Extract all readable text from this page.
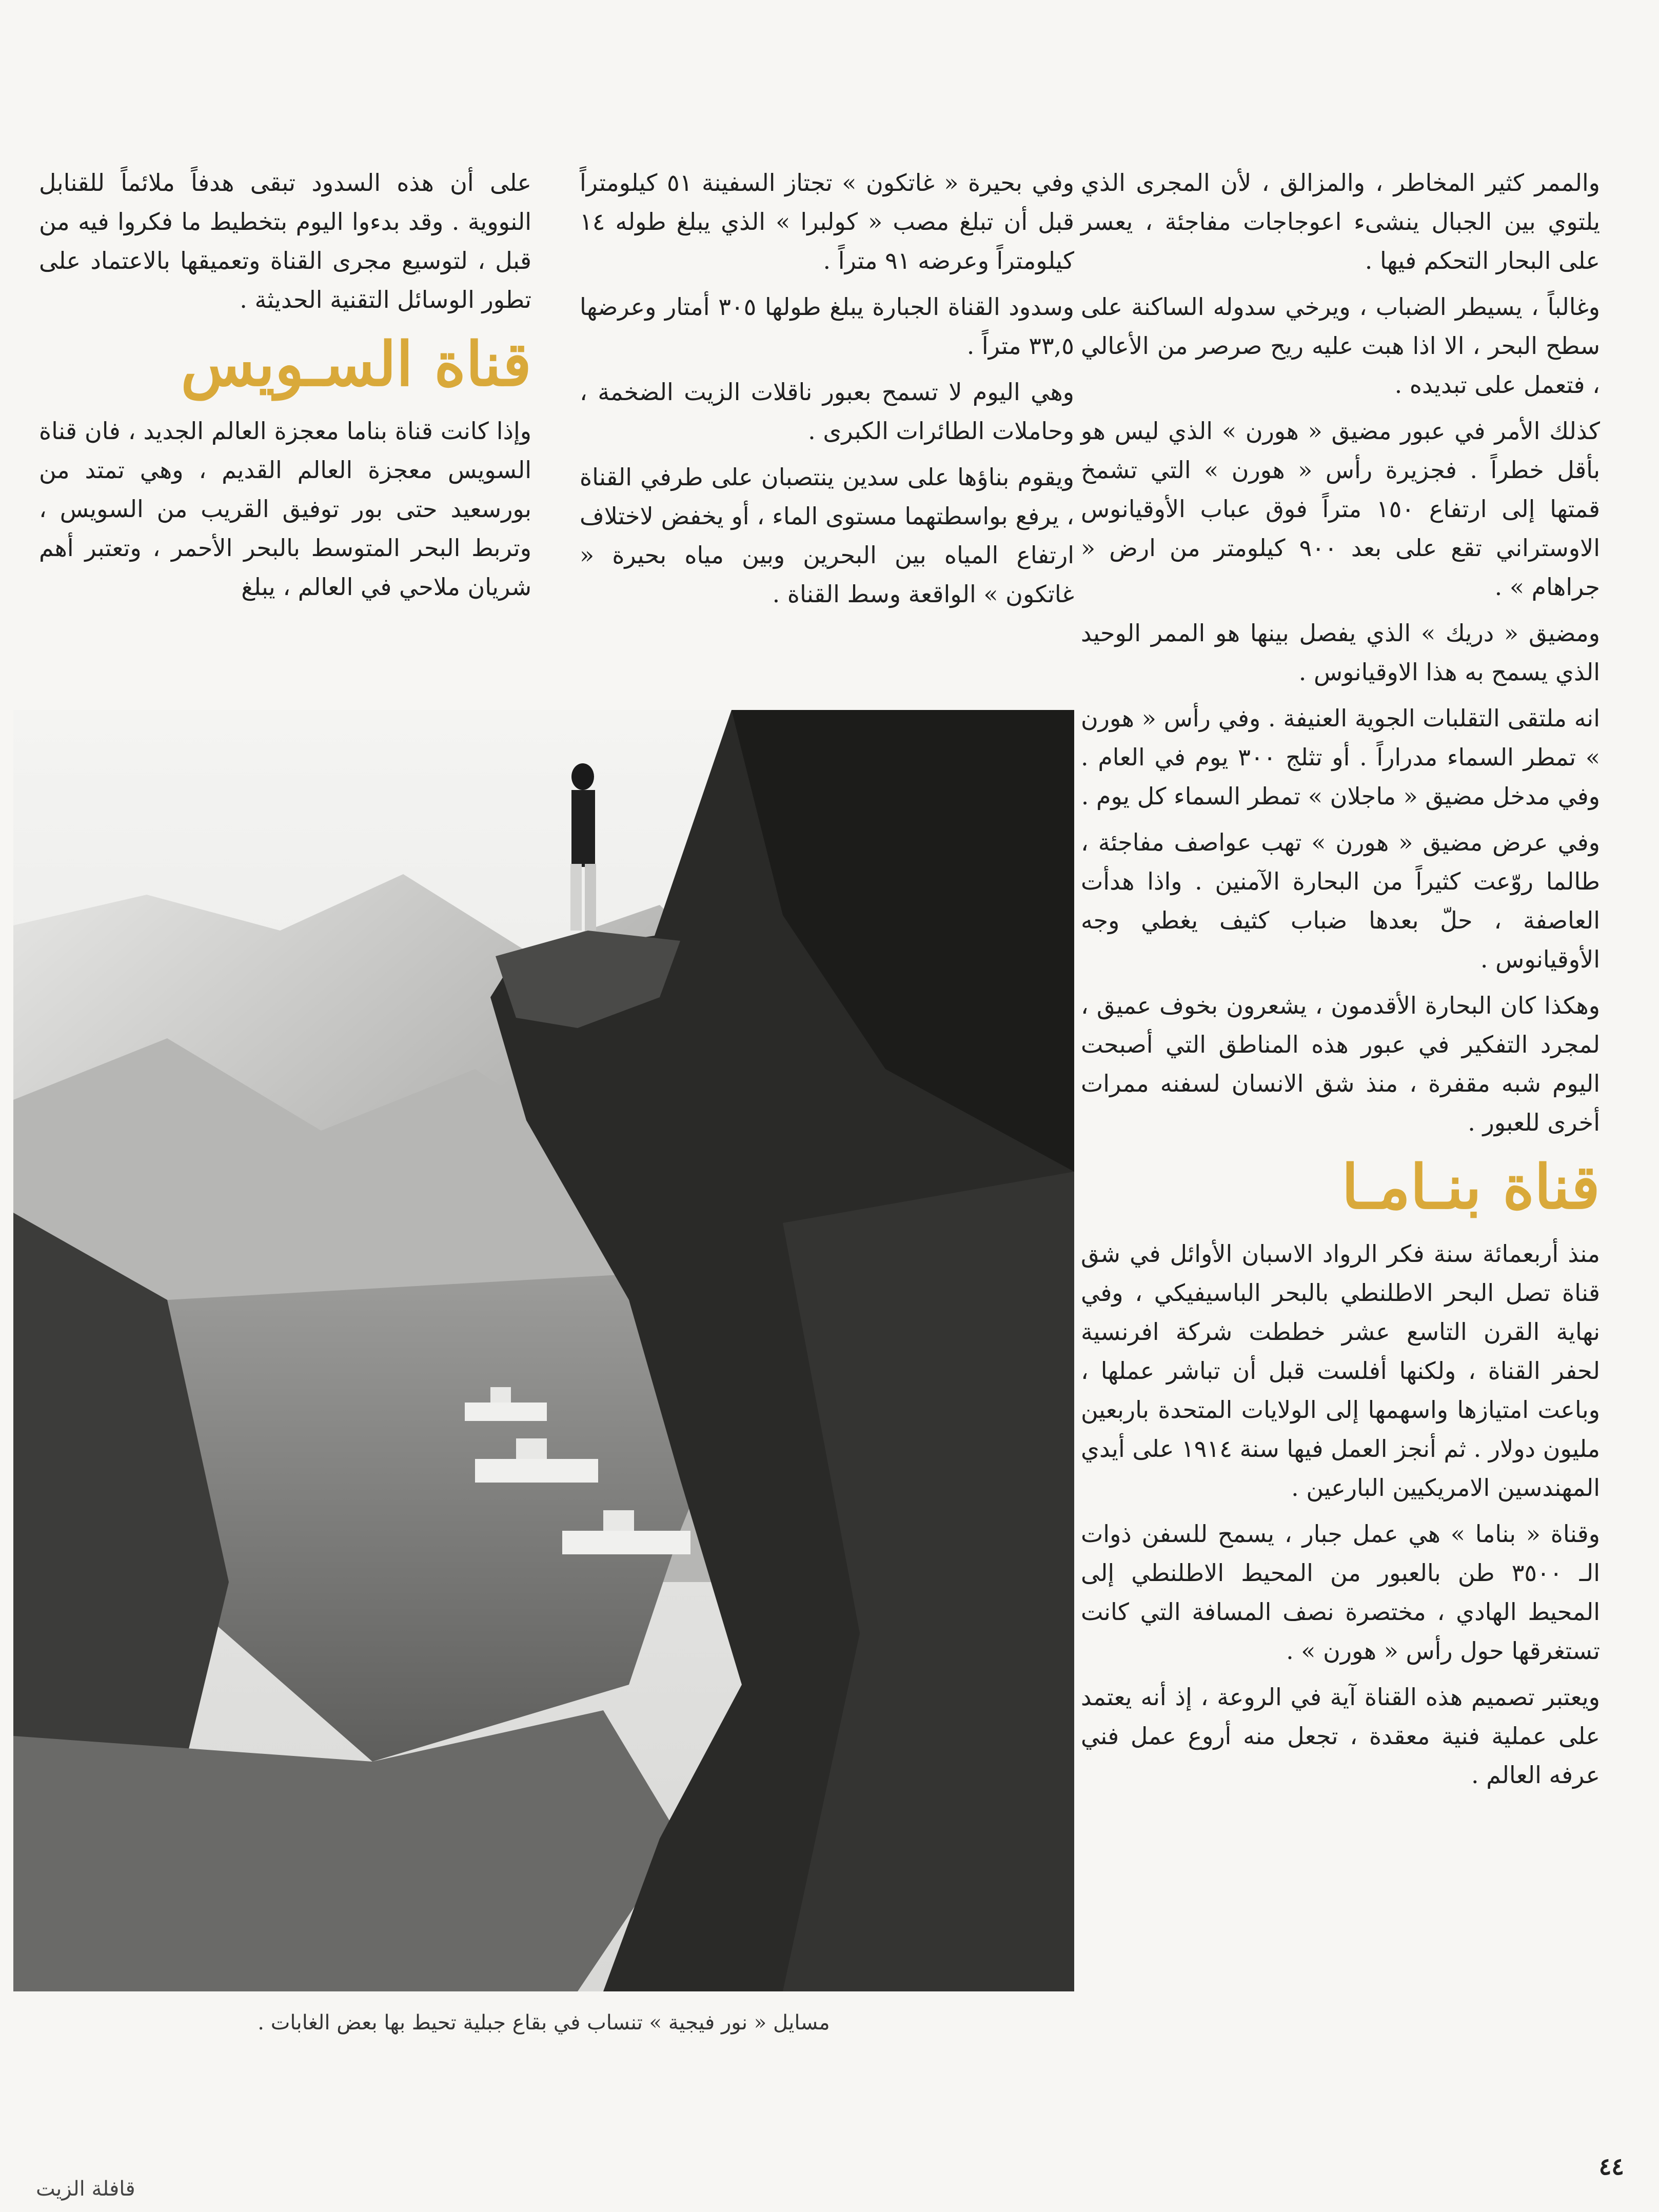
والممر كثير المخاطر ، والمزالق ، لأن المجرى الذي يلتوي بين الجبال ينشىء اعوجاجات مفاجئة ، يعسر على البحار التحكم فيها .

وغالباً ، يسيطر الضباب ، ويرخي سدوله الساكنة على سطح البحر ، الا اذا هبت عليه ريح صرصر من الأعالي ، فتعمل على تبديده .

كذلك الأمر في عبور مضيق « هورن » الذي ليس هو بأقل خطراً . فجزيرة رأس « هورن » التي تشمخ قمتها إلى ارتفاع ١٥٠ متراً فوق عباب الأوقيانوس الاوستراني تقع على بعد ٩٠٠ كيلومتر من ارض « جراهام » .

ومضيق « دريك » الذي يفصل بينها هو الممر الوحيد الذي يسمح به هذا الاوقيانوس .

انه ملتقى التقلبات الجوية العنيفة . وفي رأس « هورن » تمطر السماء مدراراً . أو تثلج ٣٠٠ يوم في العام . وفي مدخل مضيق « ماجلان » تمطر السماء كل يوم .

وفي عرض مضيق « هورن » تهب عواصف مفاجئة ، طالما روّعت كثيراً من البحارة الآمنين . واذا هدأت العاصفة ، حلّ بعدها ضباب كثيف يغطي وجه الأوقيانوس .

وهكذا كان البحارة الأقدمون ، يشعرون بخوف عميق ، لمجرد التفكير في عبور هذه المناطق التي أصبحت اليوم شبه مقفرة ، منذ شق الانسان لسفنه ممرات أخرى للعبور .

قناة بنـامـا

منذ أربعمائة سنة فكر الرواد الاسبان الأوائل في شق قناة تصل البحر الاطلنطي بالبحر الباسيفيكي ، وفي نهاية القرن التاسع عشر خططت شركة افرنسية لحفر القناة ، ولكنها أفلست قبل أن تباشر عملها ، وباعت امتيازها واسهمها إلى الولايات المتحدة باربعين مليون دولار . ثم أنجز العمل فيها سنة ١٩١٤ على أيدي المهندسين الامريكيين البارعين .

وقناة « بناما » هي عمل جبار ، يسمح للسفن ذوات الـ ٣٥٠٠ طن بالعبور من المحيط الاطلنطي إلى المحيط الهادي ، مختصرة نصف المسافة التي كانت تستغرقها حول رأس « هورن » .

ويعتبر تصميم هذه القناة آية في الروعة ، إذ أنه يعتمد على عملية فنية معقدة ، تجعل منه أروع عمل فني عرفه العالم .

وفي بحيرة « غاتكون » تجتاز السفينة ٥١ كيلومتراً قبل أن تبلغ مصب « كولبرا » الذي يبلغ طوله ١٤ كيلومتراً وعرضه ٩١ متراً .

وسدود القناة الجبارة يبلغ طولها ٣٠٥ أمتار وعرضها ٣٣,٥ متراً .

وهي اليوم لا تسمح بعبور ناقلات الزيت الضخمة ، وحاملات الطائرات الكبرى .

ويقوم بناؤها على سدين ينتصبان على طرفي القناة ، يرفع بواسطتهما مستوى الماء ، أو يخفض لاختلاف ارتفاع المياه بين البحرين وبين مياه بحيرة « غاتكون » الواقعة وسط القناة .

على أن هذه السدود تبقى هدفاً ملائماً للقنابل النووية . وقد بدءوا اليوم بتخطيط ما فكروا فيه من قبل ، لتوسيع مجرى القناة وتعميقها بالاعتماد على تطور الوسائل التقنية الحديثة .

قناة السـويس

وإذا كانت قناة بناما معجزة العالم الجديد ، فان قناة السويس معجزة العالم القديم ، وهي تمتد من بورسعيد حتى بور توفيق القريب من السويس ، وتربط البحر المتوسط بالبحر الأحمر ، وتعتبر أهم شريان ملاحي في العالم ، يبلغ

مسايل « نور فيجية » تنساب في بقاع جبلية تحيط بها بعض الغابات .
٤٤
قافلة الزيت
